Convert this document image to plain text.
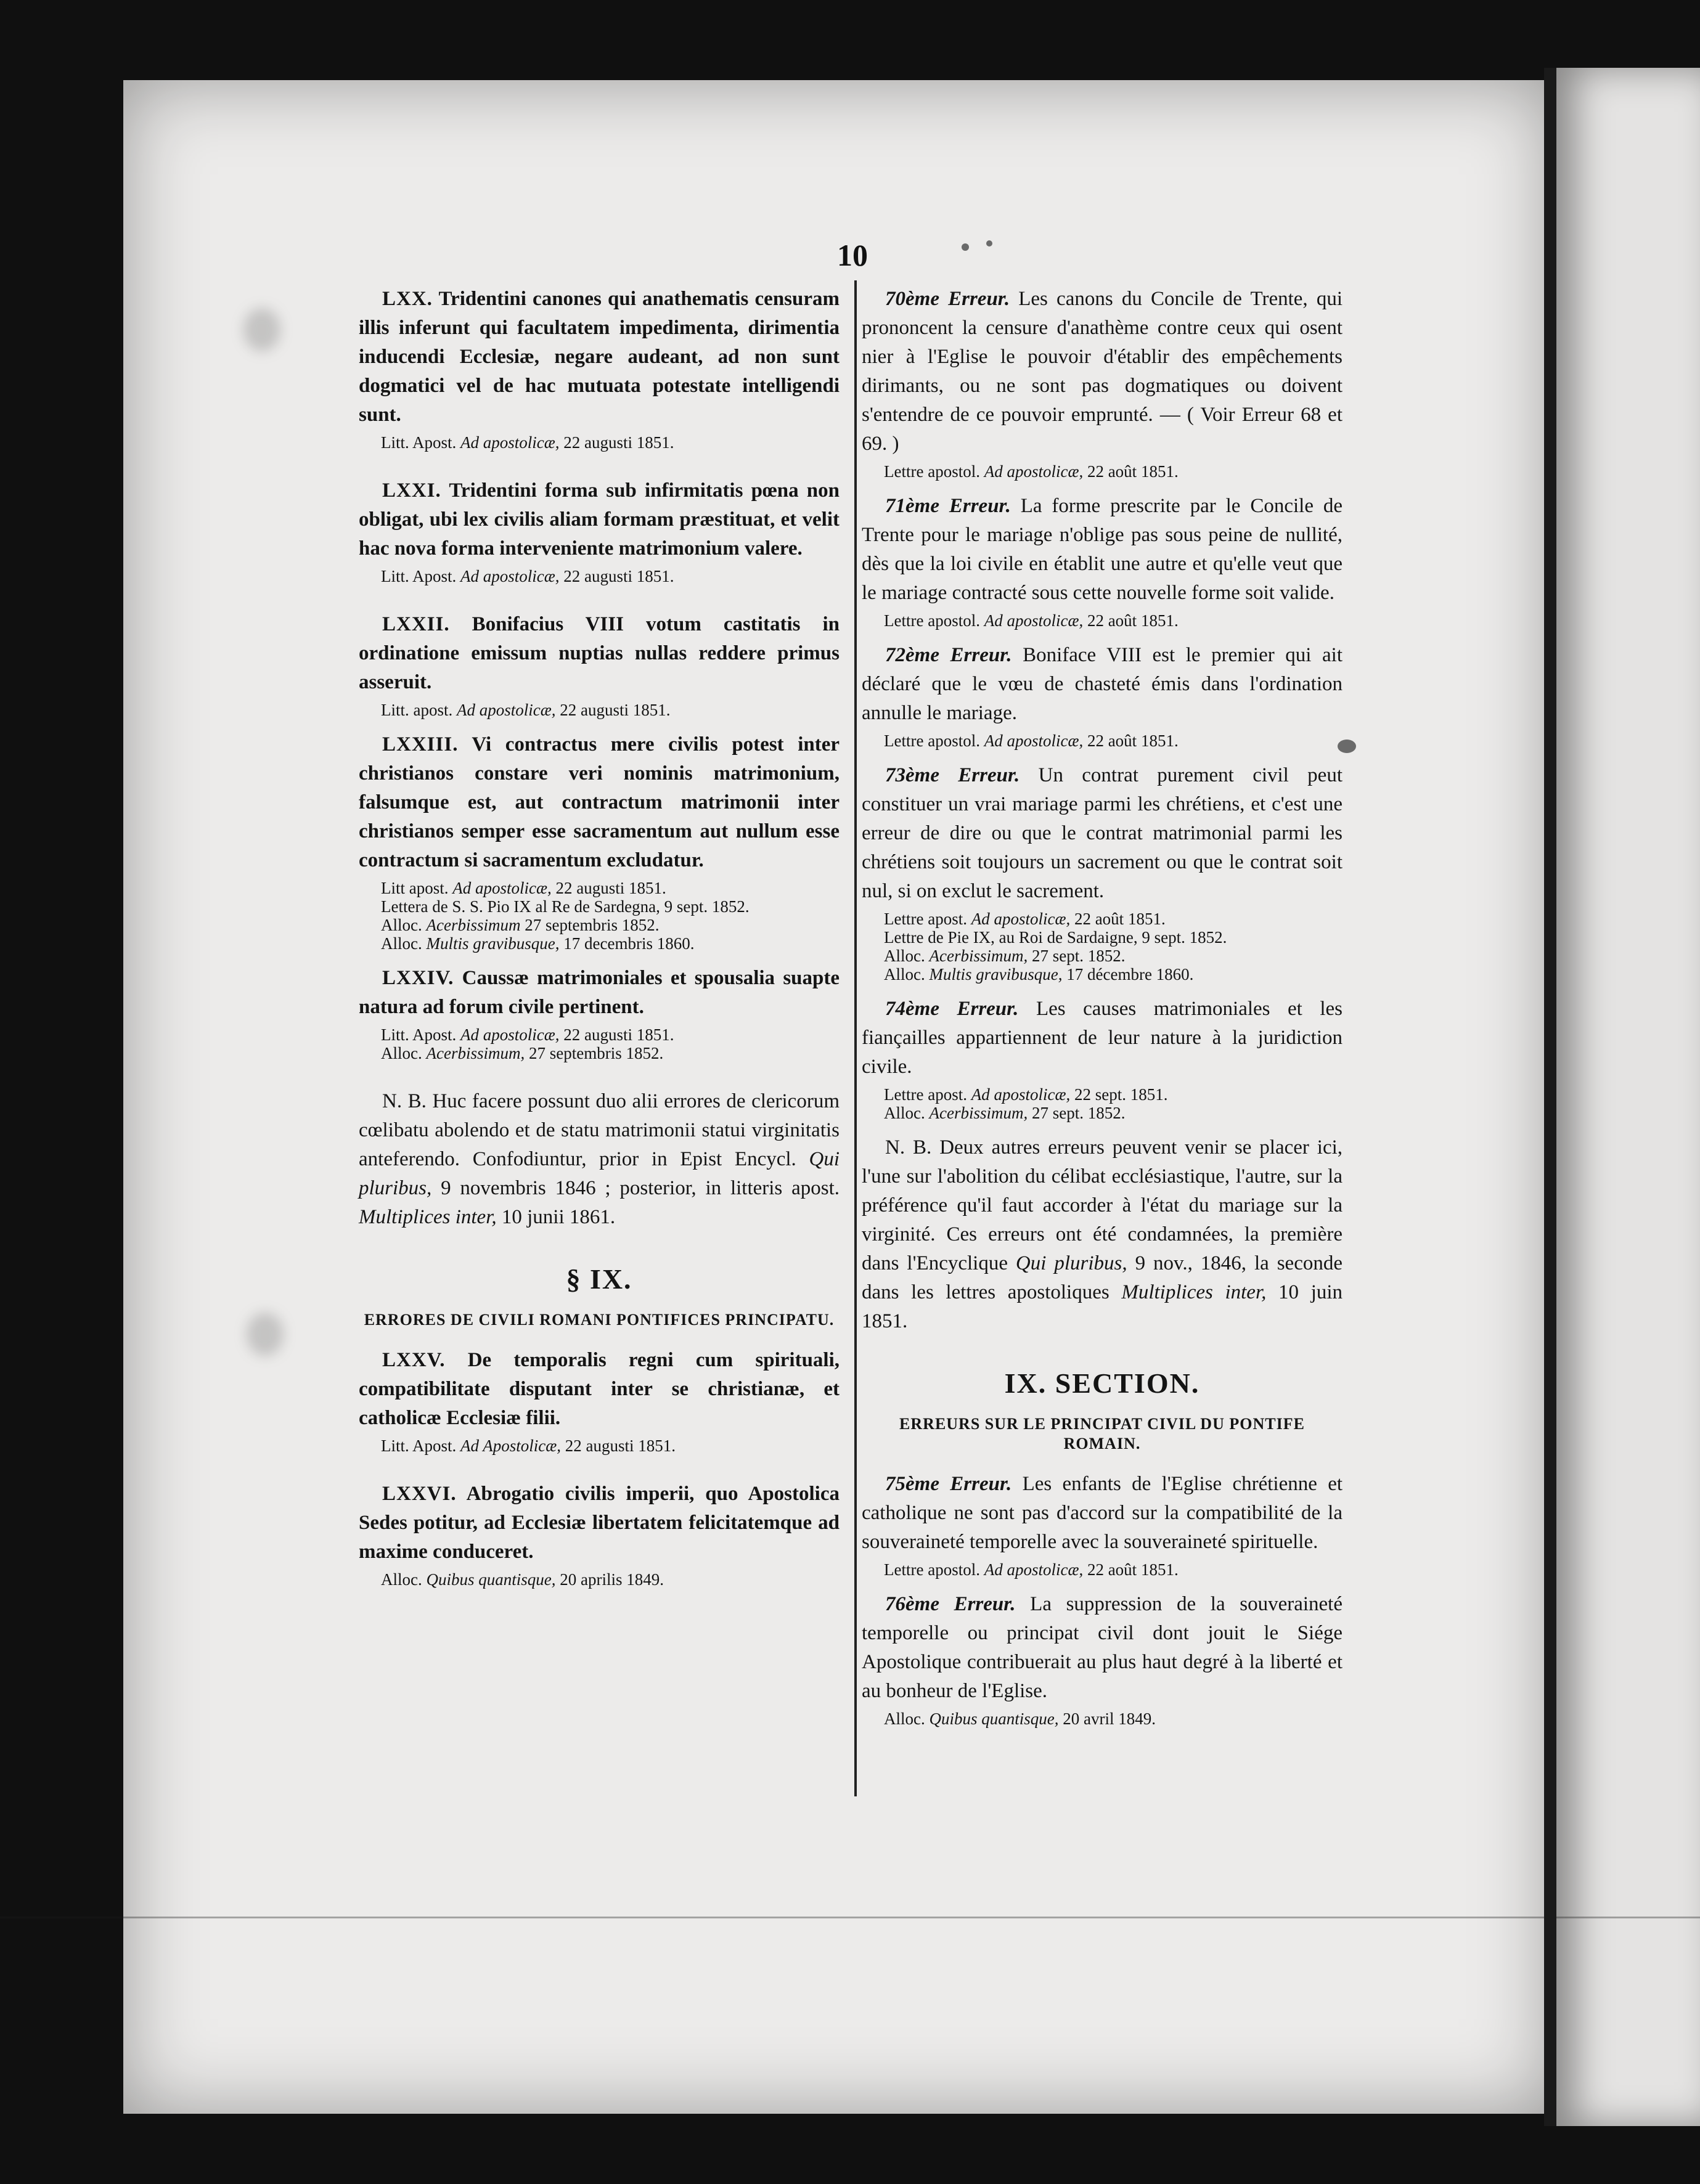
10

LXX. Tridentini canones qui anathematis censuram illis inferunt qui facultatem impedimenta, dirimentia inducendi Ecclesiæ, negare audeant, ad non sunt dogmatici vel de hac mutuata potestate intelligendi sunt.

Litt. Apost. Ad apostolicæ, 22 augusti 1851.

LXXI. Tridentini forma sub infirmitatis pœna non obligat, ubi lex civilis aliam formam præstituat, et velit hac nova forma interveniente matrimonium valere.

Litt. Apost. Ad apostolicæ, 22 augusti 1851.

LXXII. Bonifacius VIII votum castitatis in ordinatione emissum nuptias nullas reddere primus asseruit.

Litt. apost. Ad apostolicæ, 22 augusti 1851.

LXXIII. Vi contractus mere civilis potest inter christianos constare veri nominis matrimonium, falsumque est, aut contractum matrimonii inter christianos semper esse sacramentum aut nullum esse contractum si sacramentum excludatur.

Litt apost. Ad apostolicæ, 22 augusti 1851.
Lettera de S. S. Pio IX al Re de Sardegna, 9 sept. 1852.
Alloc. Acerbissimum 27 septembris 1852.
Alloc. Multis gravibusque, 17 decembris 1860.

LXXIV. Caussæ matrimoniales et spousalia suapte natura ad forum civile pertinent.

Litt. Apost. Ad apostolicæ, 22 augusti 1851.
Alloc. Acerbissimum, 27 septembris 1852.

N. B. Huc facere possunt duo alii errores de clericorum cœlibatu abolendo et de statu matrimonii statui virginitatis anteferendo. Confodiuntur, prior in Epist Encycl. Qui pluribus, 9 novembris 1846 ; posterior, in litteris apost. Multiplices inter, 10 junii 1861.

§ IX.
ERRORES DE CIVILI ROMANI PONTIFICES PRINCIPATU.

LXXV. De temporalis regni cum spirituali, compatibilitate disputant inter se christianæ, et catholicæ Ecclesiæ filii.

Litt. Apost. Ad Apostolicæ, 22 augusti 1851.

LXXVI. Abrogatio civilis imperii, quo Apostolica Sedes potitur, ad Ecclesiæ libertatem felicitatemque ad maxime conduceret.

Alloc. Quibus quantisque, 20 aprilis 1849.

70ème Erreur. Les canons du Concile de Trente, qui prononcent la censure d'anathème contre ceux qui osent nier à l'Eglise le pouvoir d'établir des empêchements dirimants, ou ne sont pas dogmatiques ou doivent s'entendre de ce pouvoir emprunté. — ( Voir Erreur 68 et 69. )

Lettre apostol. Ad apostolicæ, 22 août 1851.

71ème Erreur. La forme prescrite par le Concile de Trente pour le mariage n'oblige pas sous peine de nullité, dès que la loi civile en établit une autre et qu'elle veut que le mariage contracté sous cette nouvelle forme soit valide.

Lettre apostol. Ad apostolicæ, 22 août 1851.

72ème Erreur. Boniface VIII est le premier qui ait déclaré que le vœu de chasteté émis dans l'ordination annulle le mariage.

Lettre apostol. Ad apostolicæ, 22 août 1851.

73ème Erreur. Un contrat purement civil peut constituer un vrai mariage parmi les chrétiens, et c'est une erreur de dire ou que le contrat matrimonial parmi les chrétiens soit toujours un sacrement ou que le contrat soit nul, si on exclut le sacrement.

Lettre apost. Ad apostolicæ, 22 août 1851.
Lettre de Pie IX, au Roi de Sardaigne, 9 sept. 1852.
Alloc. Acerbissimum, 27 sept. 1852.
Alloc. Multis gravibusque, 17 décembre 1860.

74ème Erreur. Les causes matrimoniales et les fiançailles appartiennent de leur nature à la juridiction civile.

Lettre apost. Ad apostolicæ, 22 sept. 1851.
Alloc. Acerbissimum, 27 sept. 1852.

N. B. Deux autres erreurs peuvent venir se placer ici, l'une sur l'abolition du célibat ecclésiastique, l'autre, sur la préférence qu'il faut accorder à l'état du mariage sur la virginité. Ces erreurs ont été condamnées, la première dans l'Encyclique Qui pluribus, 9 nov., 1846, la seconde dans les lettres apostoliques Multiplices inter, 10 juin 1851.

IX. SECTION.
ERREURS SUR LE PRINCIPAT CIVIL DU PONTIFE ROMAIN.

75ème Erreur. Les enfants de l'Eglise chrétienne et catholique ne sont pas d'accord sur la compatibilité de la souveraineté temporelle avec la souveraineté spirituelle.

Lettre apostol. Ad apostolicæ, 22 août 1851.

76ème Erreur. La suppression de la souveraineté temporelle ou principat civil dont jouit le Siége Apostolique contribuerait au plus haut degré à la liberté et au bonheur de l'Eglise.

Alloc. Quibus quantisque, 20 avril 1849.
